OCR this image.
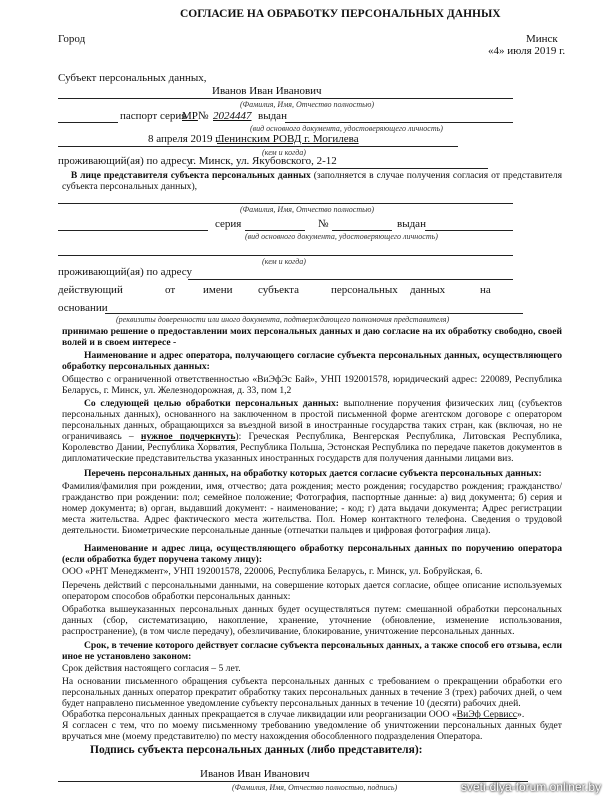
СОГЛАСИЕ НА ОБРАБОТКУ ПЕРСОНАЛЬНЫХ ДАННЫХ
Город	Минск
«4» июля 2019 г.
Субъект персональных данных,
Иванов Иван Иванович
(Фамилия, Имя, Отчество полностью)
паспорт серия
МР № 2024447 выдан
(вид основного документа, удостоверяющего личность)
8 апреля 2019 г.
Ленинским РОВД г. Могилева
(кем и когда)
проживающий(ая) по адресу
г. Минск, ул. Якубовского, 2-12
В лице представителя субъекта персональных данных (заполняется в случае получения согласия от представителя субъекта персональных данных),
(Фамилия, Имя, Отчество полностью)
серия	№	выдан
(вид основного документа, удостоверяющего личность)
(кем и когда)
проживающий(ая) по адресу
действующий	от	имени субъекта	персональных данных	на
основании
(реквизиты доверенности или иного документа, подтверждающего полномочия представителя)
принимаю решение о предоставлении моих персональных данных и даю согласие на их обработку свободно, своей волей и в своем интересе -
Наименование и адрес оператора, получающего согласие субъекта персональных данных, осуществляющего обработку персональных данных:
Общество с ограниченной ответственностью «ВиЭфЭс Бай», УНП 192001578, юридический адрес: 220089, Республика Беларусь, г. Минск, ул. Железнодорожная, д. 33, пом 1,2
Со следующей целью обработки персональных данных: выполнение поручения физических лиц (субъектов персональных данных), основанного на заключенном в простой письменной форме агентском договоре с оператором персональных данных, обращающихся за въездной визой в иностранные государства таких стран, как (включая, но не ограничиваясь – нужное подчеркнуть): Греческая Республика, Венгерская Республика, Литовская Республика, Королевство Дании, Республика Хорватия, Республика Польша, Эстонская Республика по передаче пакетов документов в дипломатические представительства указанных иностранных государств для получения данными лицами виз.
Перечень персональных данных, на обработку которых дается согласие субъекта персональных данных:
Фамилия/фамилия при рождении, имя, отчество; дата рождения; место рождения; государство рождения; гражданство/гражданство при рождении: пол; семейное положение; Фотография, паспортные данные: а) вид документа; б) серия и номер документа; в) орган, выдавший документ: - наименование; - код; г) дата выдачи документа; Адрес регистрации места жительства. Адрес фактического места жительства. Пол. Номер контактного телефона. Сведения о трудовой деятельности. Биометрические персональные данные (отпечатки пальцев и цифровая фотография лица).
Наименование и адрес лица, осуществляющего обработку персональных данных по поручению оператора (если обработка будет поручена такому лицу):
ООО «РНТ Менеджмент», УНП 192001578, 220006, Республика Беларусь, г. Минск, ул. Бобруйская, 6.
Перечень действий с персональными данными, на совершение которых дается согласие, общее описание используемых оператором способов обработки персональных данных:
Обработка вышеуказанных персональных данных будет осуществляться путем: смешанной обработки персональных данных (сбор, систематизацию, накопление, хранение, уточнение (обновление, изменение использования, распространение), (в том числе передачу), обезличивание, блокирование, уничтожение персональных данных.
Срок, в течение которого действует согласие субъекта персональных данных, а также способ его отзыва, если иное не установлено законом:
Срок действия настоящего согласия – 5 лет.
На основании письменного обращения субъекта персональных данных с требованием о прекращении обработки его персональных данных оператор прекратит обработку таких персональных данных в течение 3 (трех) рабочих дней, о чем будет направлено письменное уведомление субъекту персональных данных в течение 10 (десяти) рабочих дней.
Обработка персональных данных прекращается в случае ликвидации или реорганизации ООО «ВиЭф Сервисс».
Я согласен с тем, что по моему письменному требованию уведомление об уничтожении персональных данных будет вручаться мне (моему представителю) по месту нахождения обособленного подразделения Оператора.
Подпись субъекта персональных данных (либо представителя):
Иванов Иван Иванович
(Фамилия, Имя, Отчество полностью, подпись)	sveti-dlya-forum.onliner.by
